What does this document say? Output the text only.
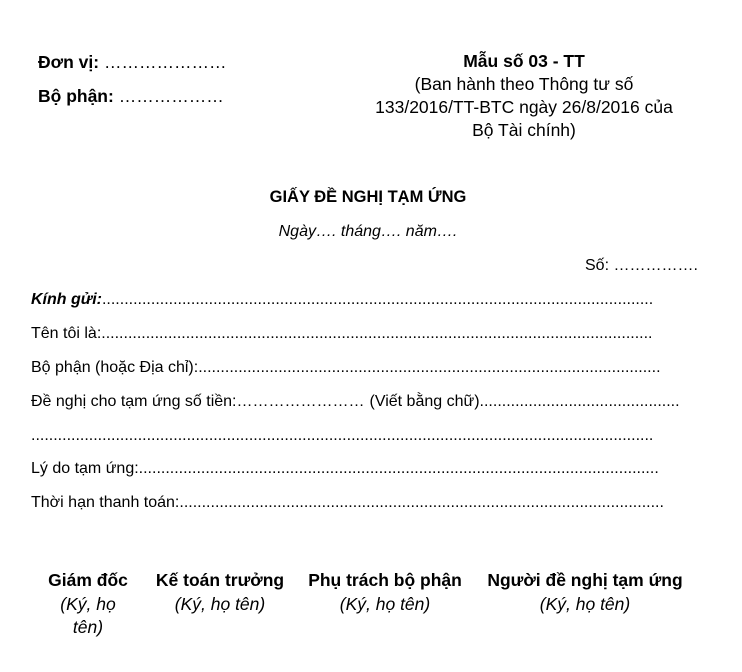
Đơn vị: …………………
Bộ phận: ………………
Mẫu số 03 - TT
(Ban hành theo Thông tư số
133/2016/TT-BTC ngày 26/8/2016 của
Bộ Tài chính)
GIẤY ĐỀ NGHỊ TẠM ỨNG
Ngày…. tháng…. năm….
Số: …………….
Kính gửi:............................................................................................................................
Tên tôi là:............................................................................................................................
Bộ phận (hoặc Địa chỉ):........................................................................................................
Đề nghị cho tạm ứng số tiền:…………………… (Viết bằng chữ).............................................
............................................................................................................................................
Lý do tạm ứng:.....................................................................................................................
Thời hạn thanh toán:.............................................................................................................
Giám đốc
(Ký, họ tên)
Kế toán trưởng
(Ký, họ tên)
Phụ trách bộ phận
(Ký, họ tên)
Người đề nghị tạm ứng
(Ký, họ tên)
